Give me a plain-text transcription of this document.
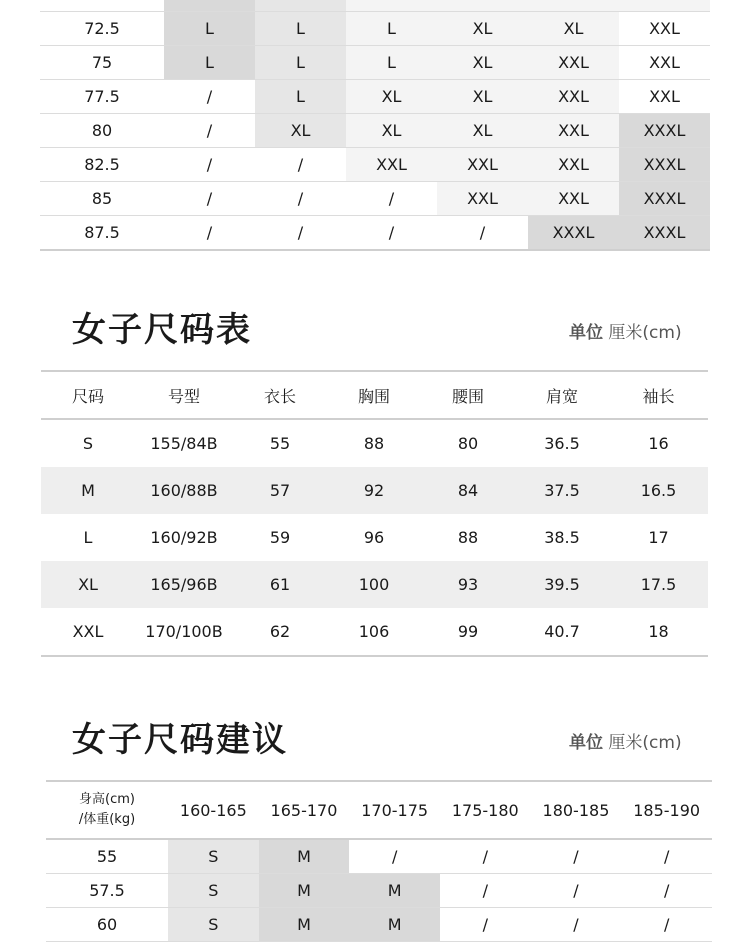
72.5	L	L	L	XL	XL	XXL
75	L	L	L	XL	XXL	XXL
77.5	/	L	XL	XL	XXL	XXL
80	/	XL	XL	XL	XXL	XXXL
82.5	/	/	XXL	XXL	XXL	XXXL
85	/	/	/	XXL	XXL	XXXL
87.5	/	/	/	/	XXXL	XXXL
女子尺码表	单位 厘米(cm)
尺码	号型	衣长	胸围	腰围	肩宽	袖长
S	155/84B	55	88	80	36.5	16
M	160/88B	57	92	84	37.5	16.5
L	160/92B	59	96	88	38.5	17
XL	165/96B	61	100	93	39.5	17.5
XXL	170/100B	62	106	99	40.7	18
女子尺码建议	单位 厘米(cm)
身高(cm)
/体重(kg)	160-165	165-170	170-175	175-180	180-185	185-190
55	S	M	/	/	/	/
57.5	S	M	M	/	/	/
60	S	M	M	/	/	/
